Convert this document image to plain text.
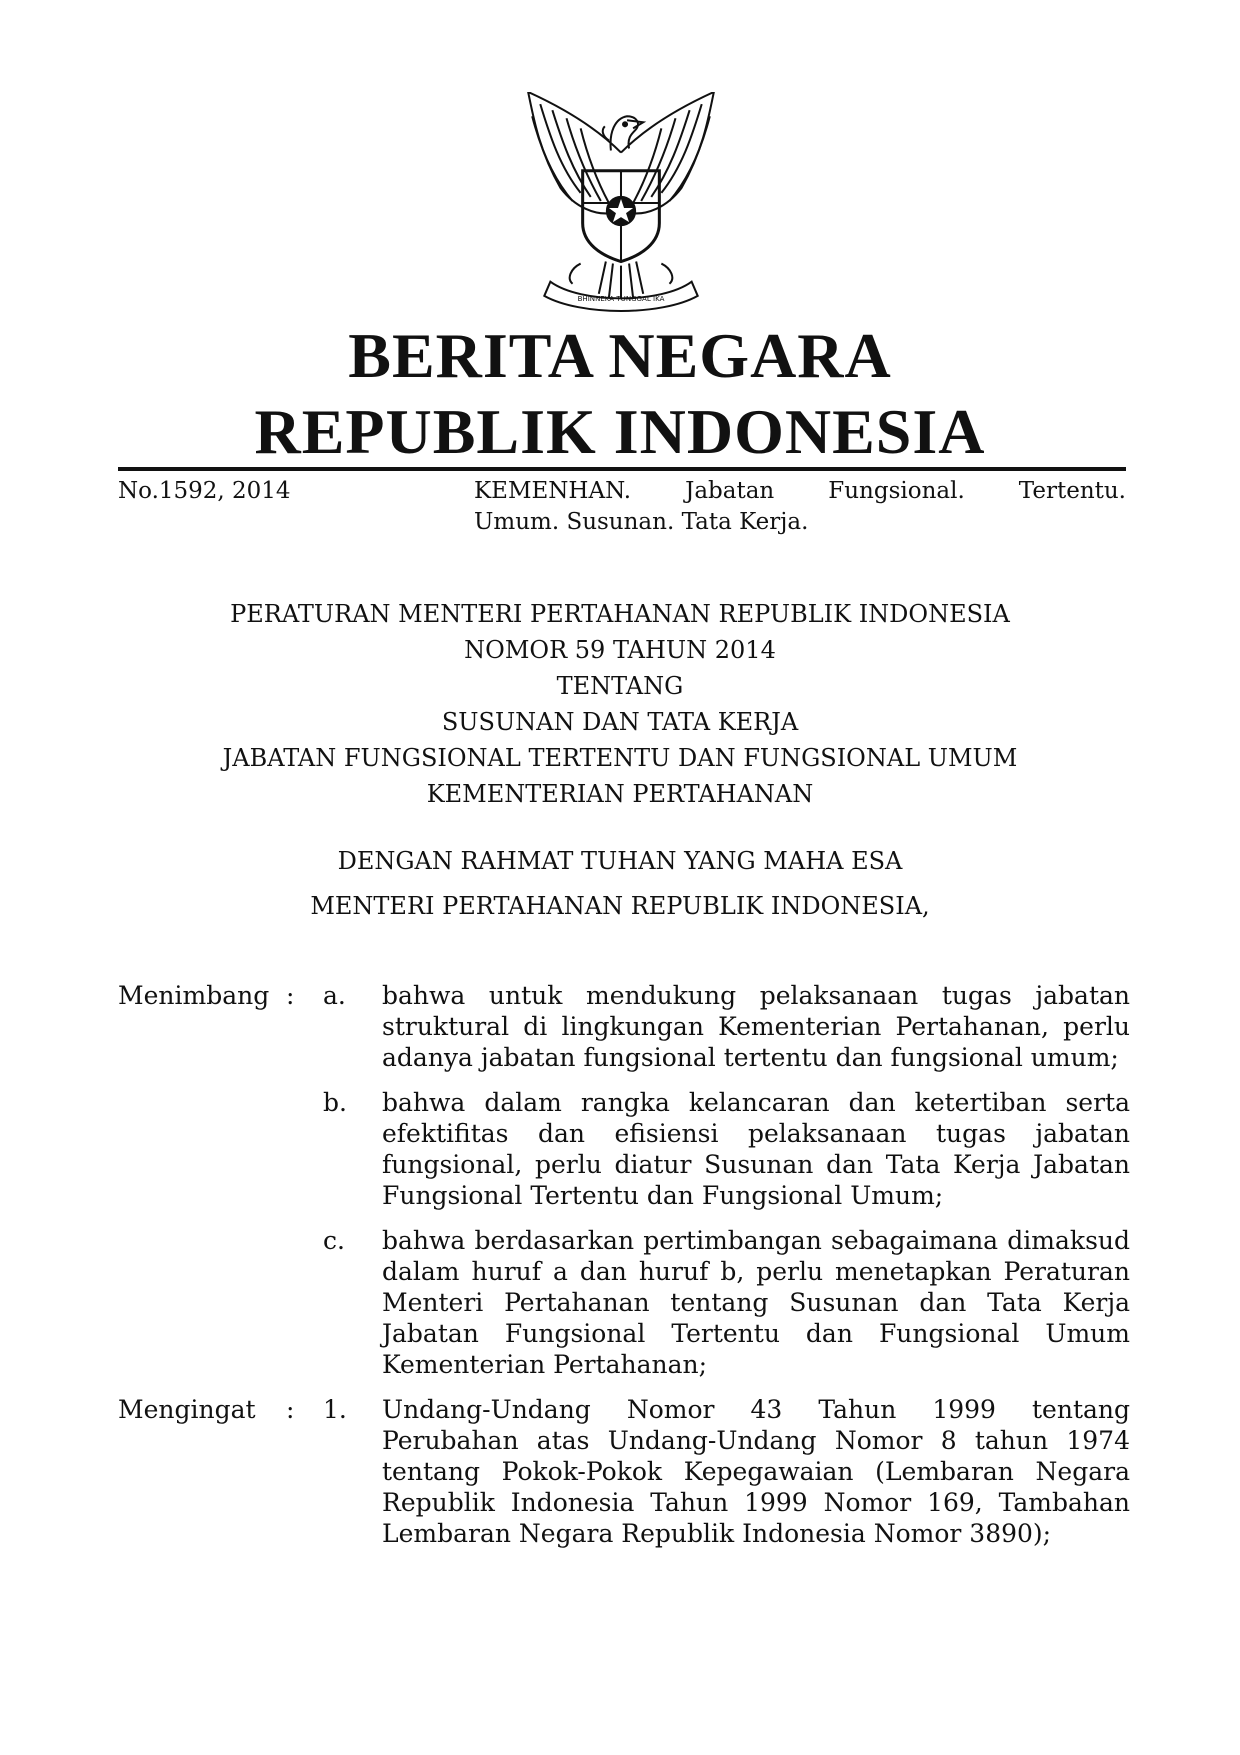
BHINNEKA TUNGGAL IKA
BERITA NEGARA
REPUBLIK INDONESIA
No.1592, 2014	KEMENHAN. Jabatan Fungsional. Tertentu.
Umum. Susunan. Tata Kerja.
PERATURAN MENTERI PERTAHANAN REPUBLIK INDONESIA
NOMOR 59 TAHUN 2014
TENTANG
SUSUNAN DAN TATA KERJA
JABATAN FUNGSIONAL TERTENTU DAN FUNGSIONAL UMUM
KEMENTERIAN PERTAHANAN
DENGAN RAHMAT TUHAN YANG MAHA ESA
MENTERI PERTAHANAN REPUBLIK INDONESIA,
Menimbang : a. bahwa untuk mendukung pelaksanaan tugas jabatan struktural di lingkungan Kementerian Pertahanan, perlu adanya jabatan fungsional tertentu dan fungsional umum;
b. bahwa dalam rangka kelancaran dan ketertiban serta efektifitas dan efisiensi pelaksanaan tugas jabatan fungsional, perlu diatur Susunan dan Tata Kerja Jabatan Fungsional Tertentu dan Fungsional Umum;
c. bahwa berdasarkan pertimbangan sebagaimana dimaksud dalam huruf a dan huruf b, perlu menetapkan Peraturan Menteri Pertahanan tentang Susunan dan Tata Kerja Jabatan Fungsional Tertentu dan Fungsional Umum Kementerian Pertahanan;
Mengingat	: 1. Undang-Undang Nomor 43 Tahun 1999 tentang Perubahan atas Undang-Undang Nomor 8 tahun 1974 tentang Pokok-Pokok Kepegawaian (Lembaran Negara Republik Indonesia Tahun 1999 Nomor 169, Tambahan Lembaran Negara Republik Indonesia Nomor 3890);
